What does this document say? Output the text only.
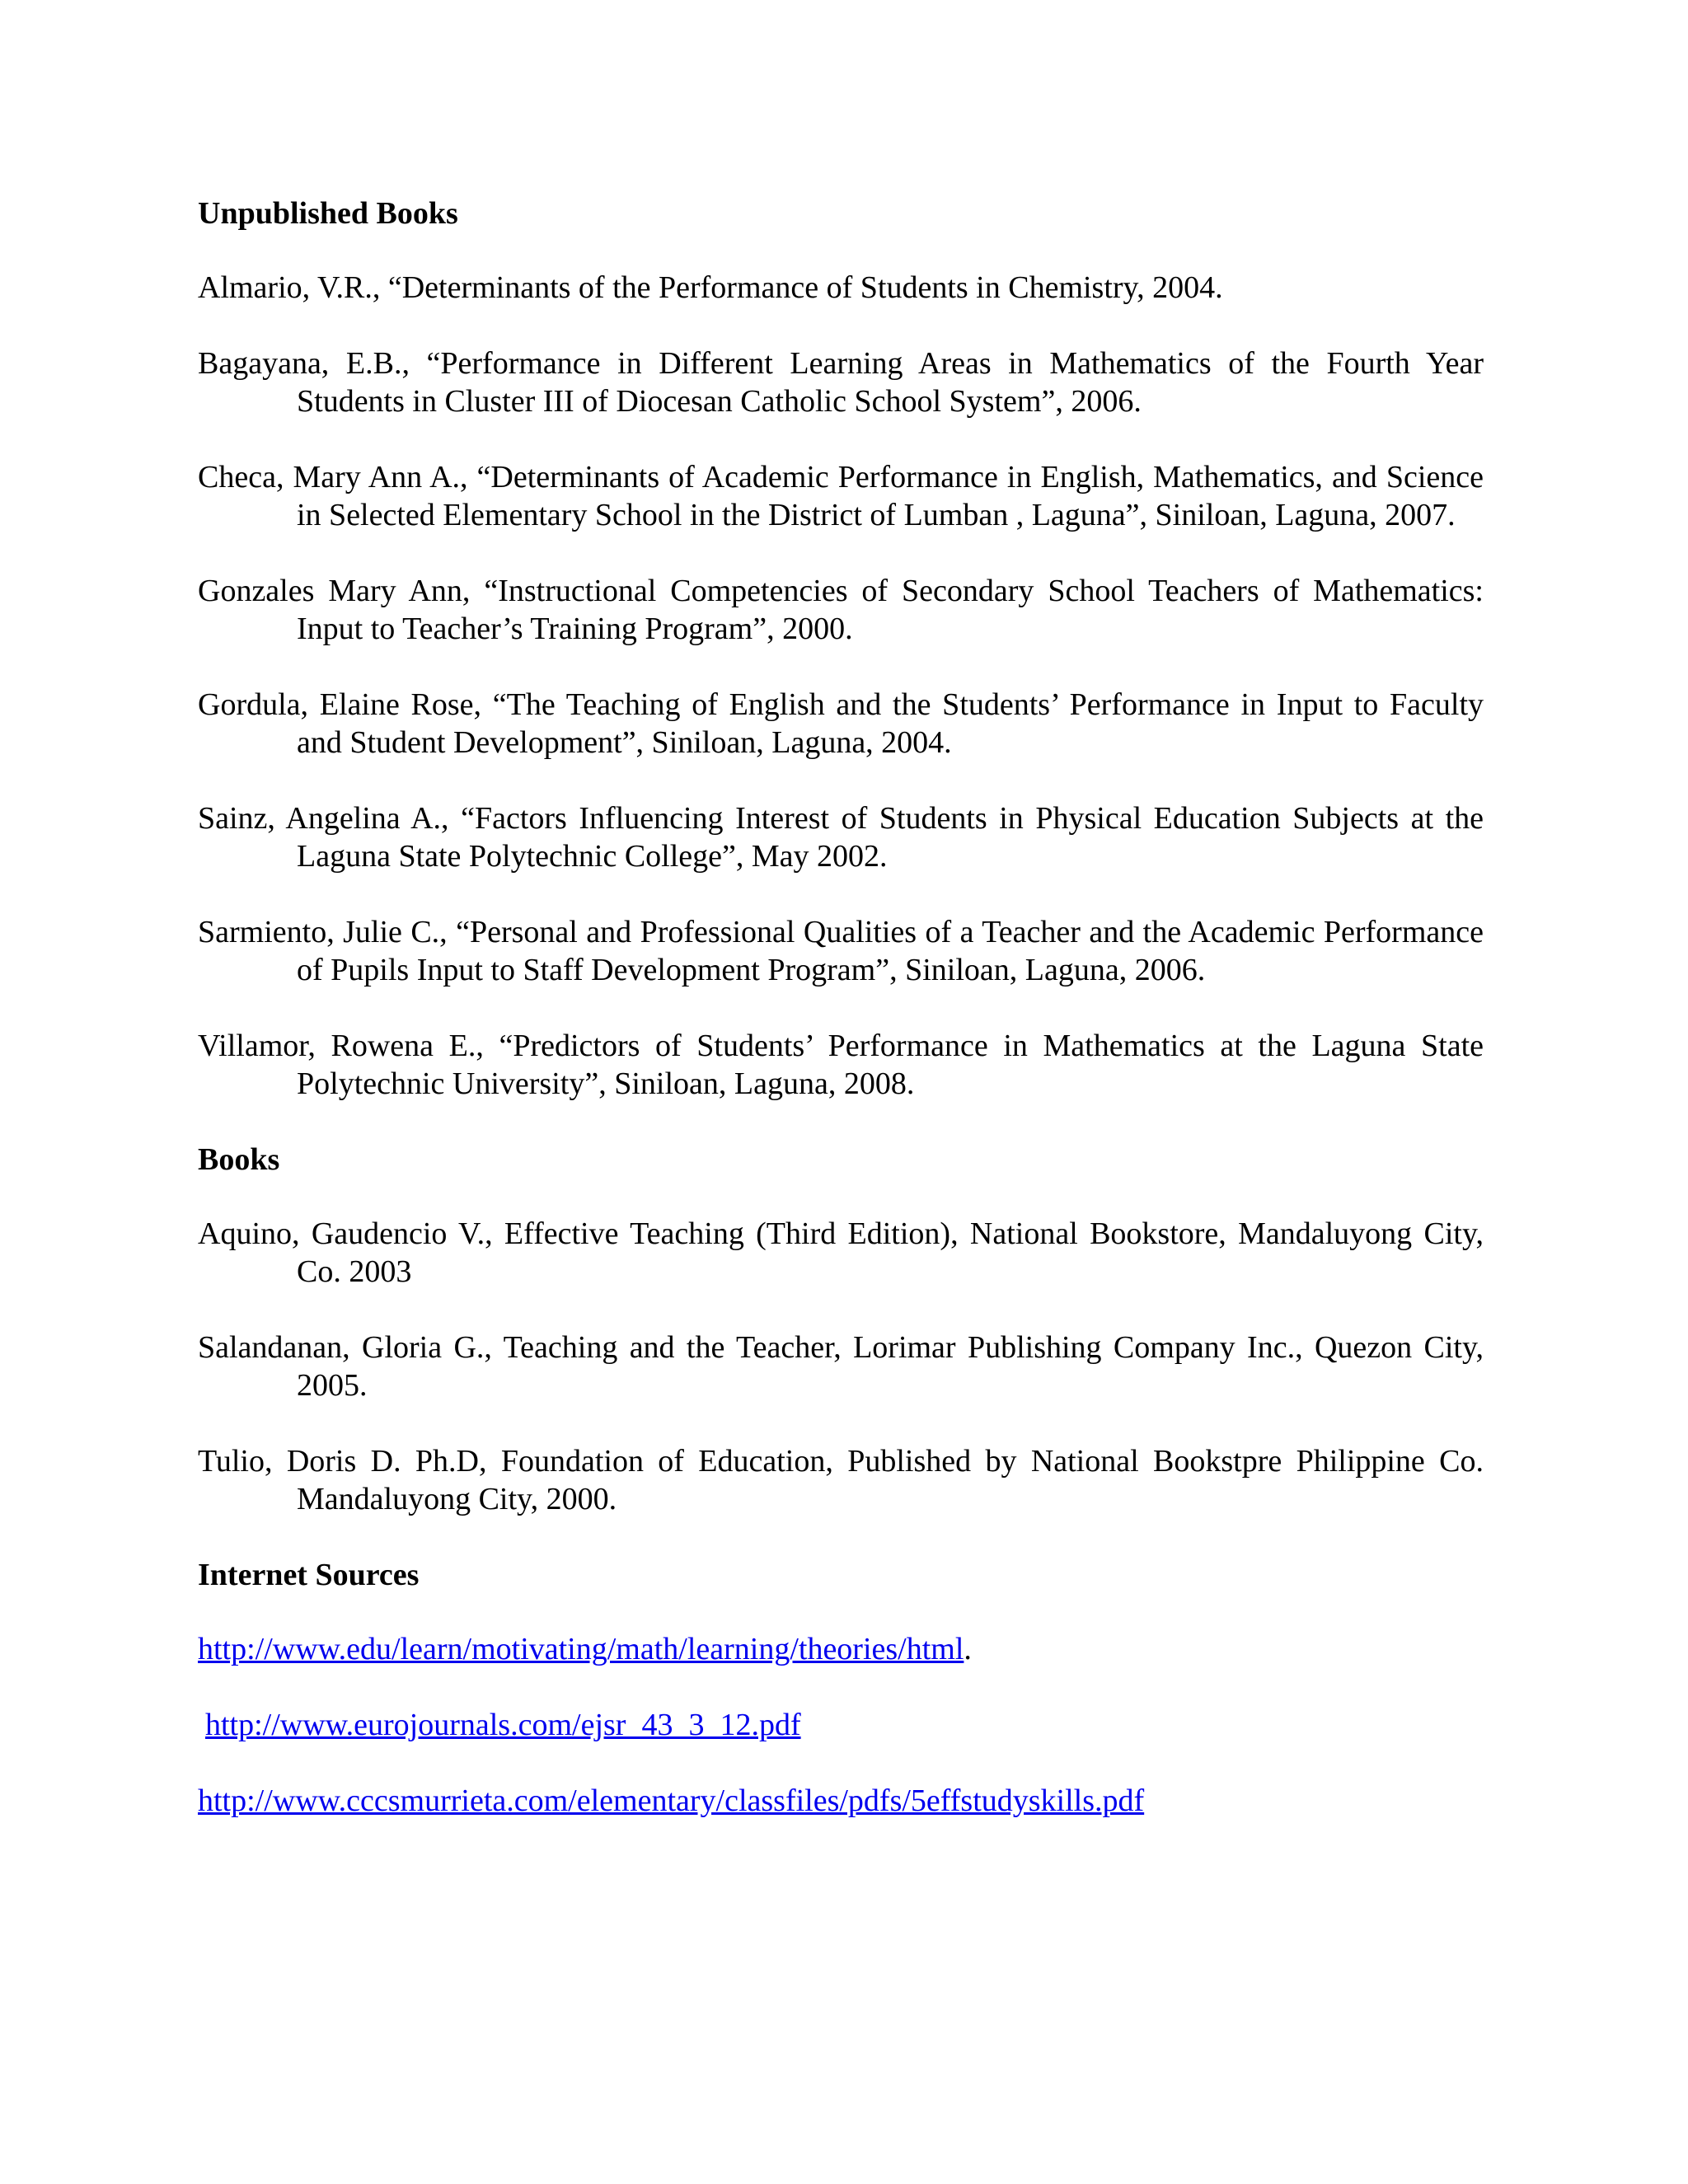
Unpublished Books
Almario, V.R., “Determinants of the Performance of Students in Chemistry, 2004.
Bagayana, E.B., “Performance in Different Learning Areas in Mathematics of the Fourth Year Students in Cluster III of Diocesan Catholic School System”, 2006.
Checa, Mary Ann A., “Determinants of Academic Performance in English, Mathematics, and Science in Selected Elementary School in the District of Lumban , Laguna”, Siniloan, Laguna, 2007.
Gonzales Mary Ann, “Instructional Competencies of Secondary School Teachers of Mathematics: Input to Teacher’s Training Program”, 2000.
Gordula, Elaine Rose, “The Teaching of English and the Students’ Performance in Input to Faculty and Student Development”, Siniloan, Laguna, 2004.
Sainz, Angelina A., “Factors Influencing Interest of Students in Physical Education Subjects at the Laguna State Polytechnic College”, May 2002.
Sarmiento, Julie C., “Personal and Professional Qualities of a Teacher and the Academic Performance of Pupils Input to Staff Development Program”, Siniloan, Laguna, 2006.
Villamor, Rowena E., “Predictors of Students’ Performance in Mathematics at the Laguna State Polytechnic University”, Siniloan, Laguna, 2008.
Books
Aquino, Gaudencio V., Effective Teaching (Third Edition), National Bookstore, Mandaluyong City, Co. 2003
Salandanan, Gloria G., Teaching and the Teacher, Lorimar Publishing Company Inc., Quezon City, 2005.
Tulio, Doris D. Ph.D, Foundation of Education, Published by National Bookstpre Philippine Co. Mandaluyong City, 2000.
Internet Sources
http://www.edu/learn/motivating/math/learning/theories/html.
http://www.eurojournals.com/ejsr_43_3_12.pdf
http://www.cccsmurrieta.com/elementary/classfiles/pdfs/5effstudyskills.pdf
